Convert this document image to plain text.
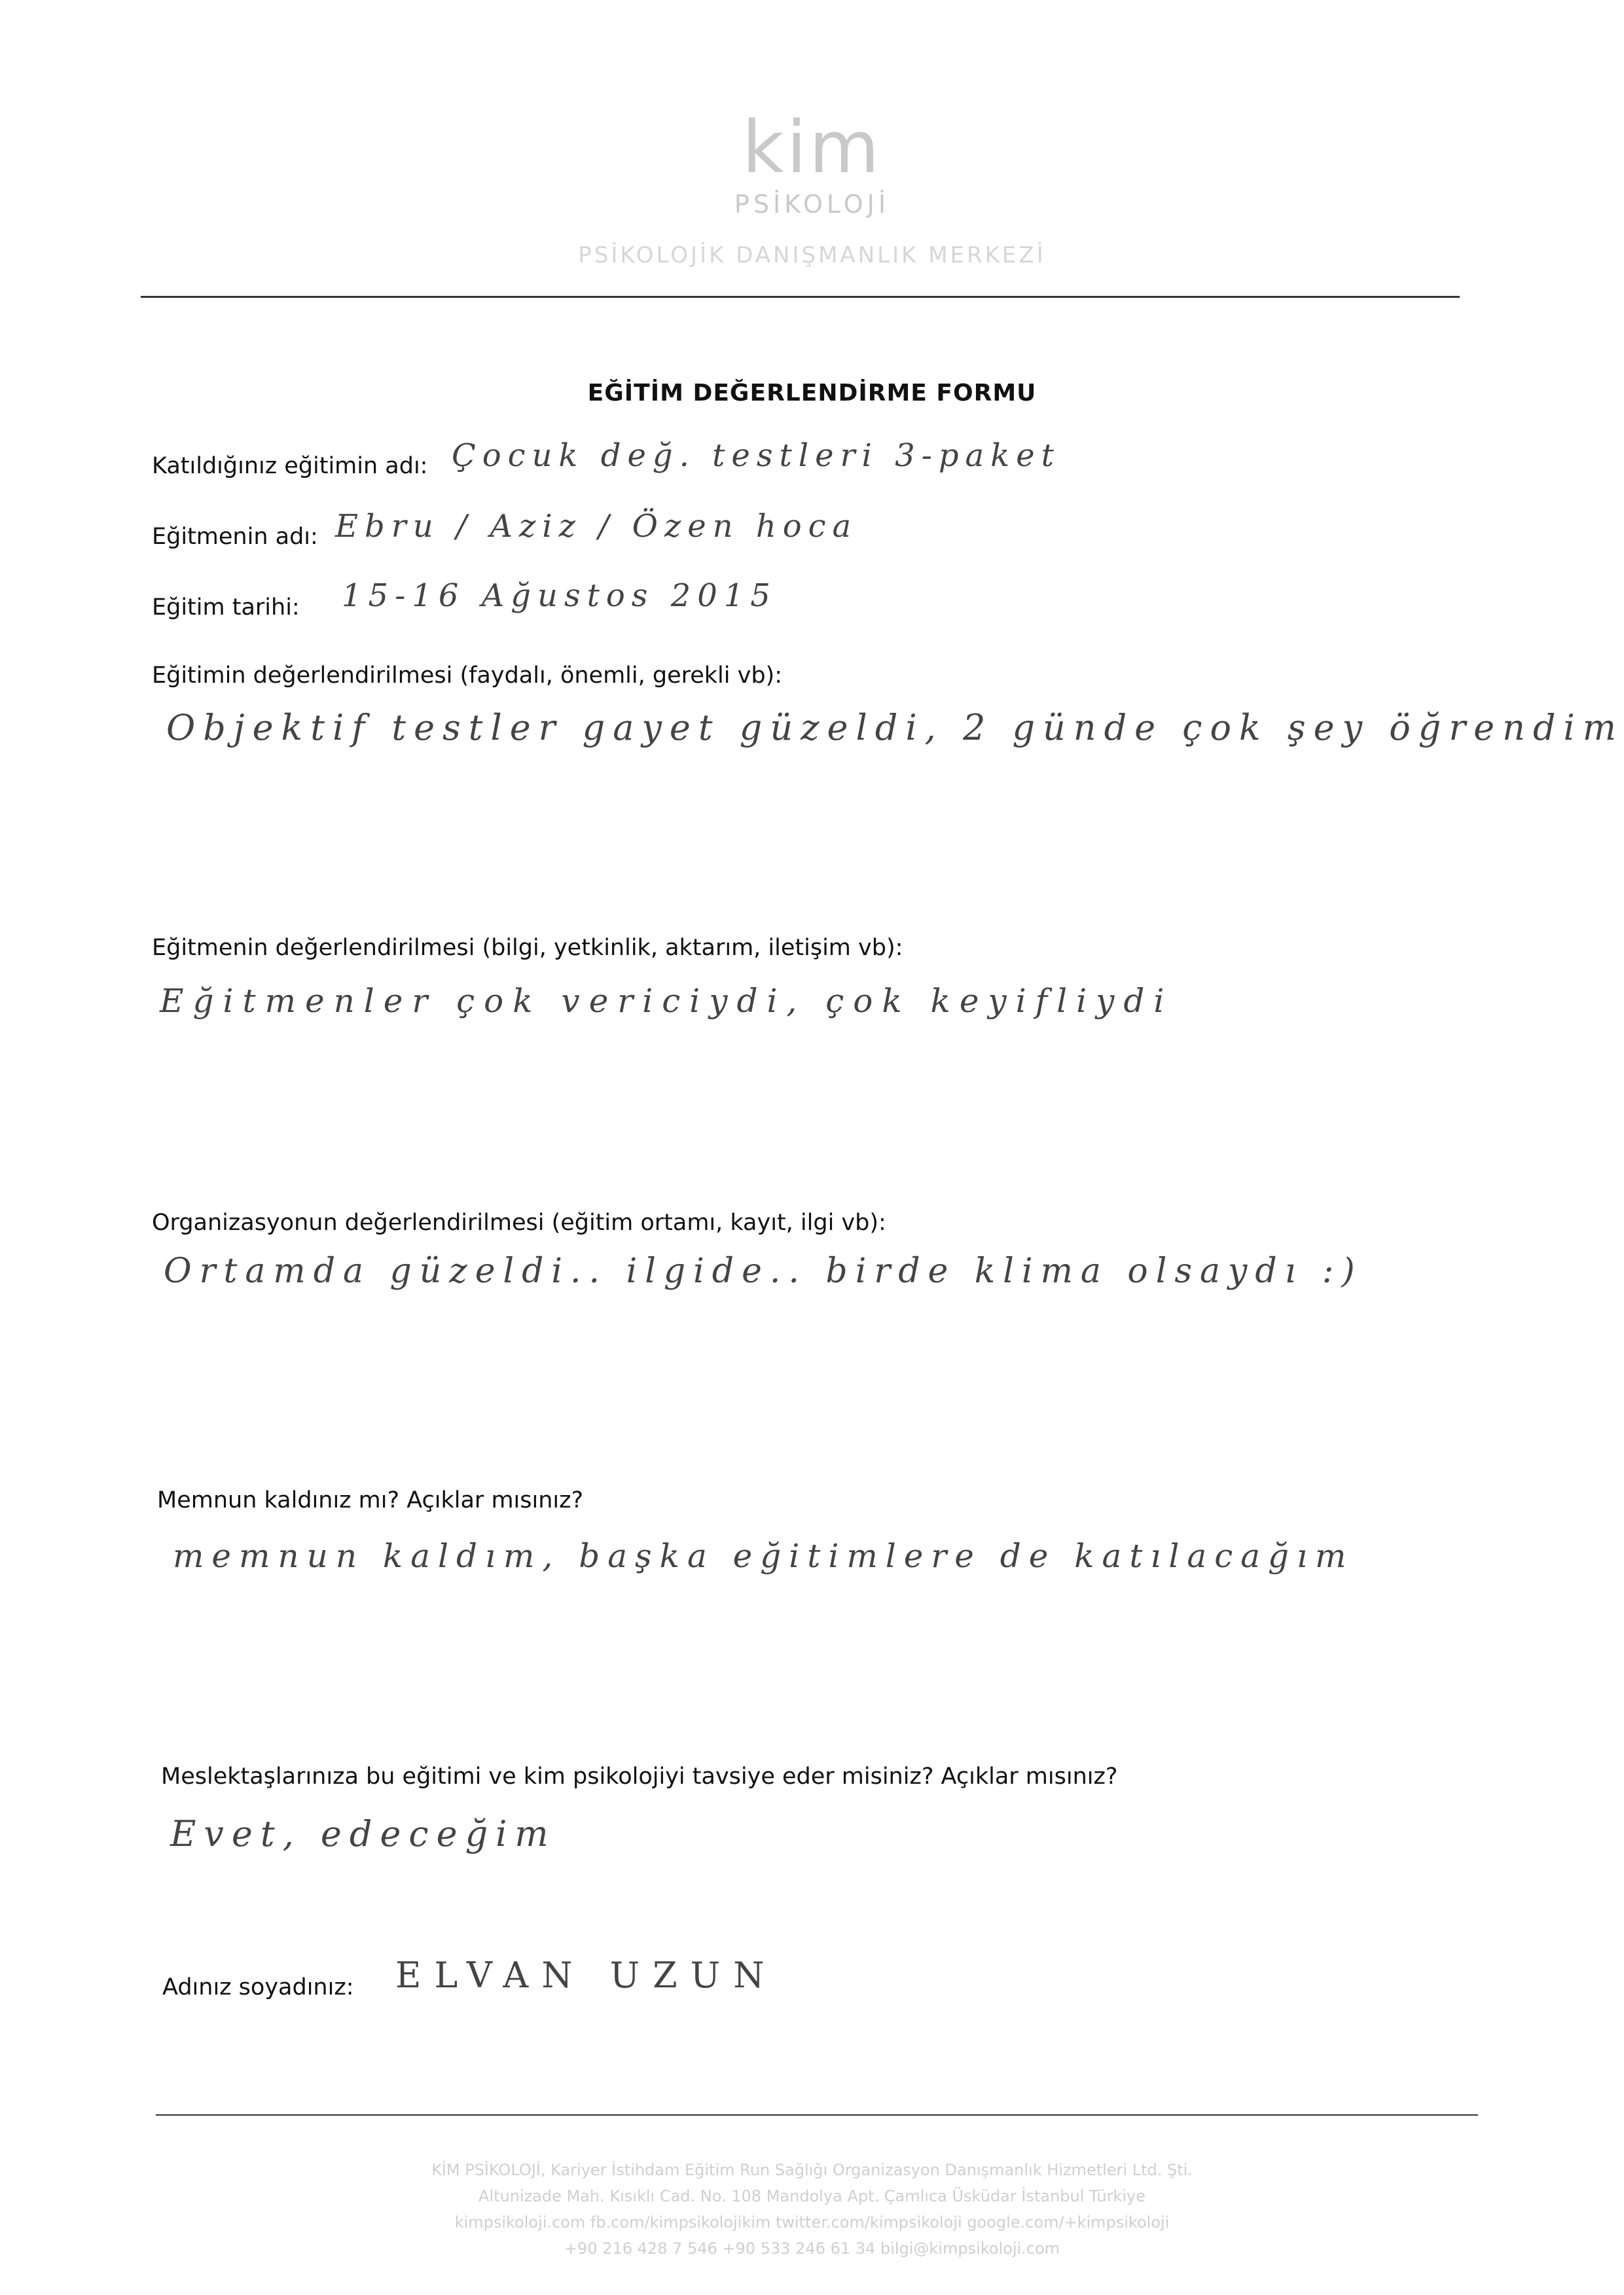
kim
PSİKOLOJİ
PSİKOLOJİK DANIŞMANLIK MERKEZİ
EĞİTİM DEĞERLENDİRME FORMU
Katıldığınız eğitimin adı: Çocuk değ. testleri 3-paket
Eğitmenin adı: Ebru / Aziz / Özen hoca
Eğitim tarihi: 15-16 Ağustos 2015
Eğitimin değerlendirilmesi (faydalı, önemli, gerekli vb):
Objektif testler gayet güzeldi, 2 günde çok şey öğrendim
Eğitmenin değerlendirilmesi (bilgi, yetkinlik, aktarım, iletişim vb):
Eğitmenler çok vericiydi, çok keyifliydi
Organizasyonun değerlendirilmesi (eğitim ortamı, kayıt, ilgi vb):
Ortamda güzeldi.. ilgide.. birde klima olsaydı :)
Memnun kaldınız mı? Açıklar mısınız?
memnun kaldım, başka eğitimlere de katılacağım
Meslektaşlarınıza bu eğitimi ve kim psikolojiyi tavsiye eder misiniz? Açıklar mısınız?
Evet, edeceğim
Adınız soyadınız: ELVAN UZUN
KİM PSİKOLOJİ, Kariyer İstihdam Eğitim Run Sağlığı Organizasyon Danışmanlık Hizmetleri Ltd. Şti.
Altunizade Mah. Kısıklı Cad. No. 108 Mandolya Apt. Çamlıca Üsküdar İstanbul Türkiye
kimpsikoloji.com fb.com/kimpsikolojikim twitter.com/kimpsikoloji google.com/+kimpsikoloji
+90 216 428 7 546 +90 533 246 61 34 bilgi@kimpsikoloji.com
